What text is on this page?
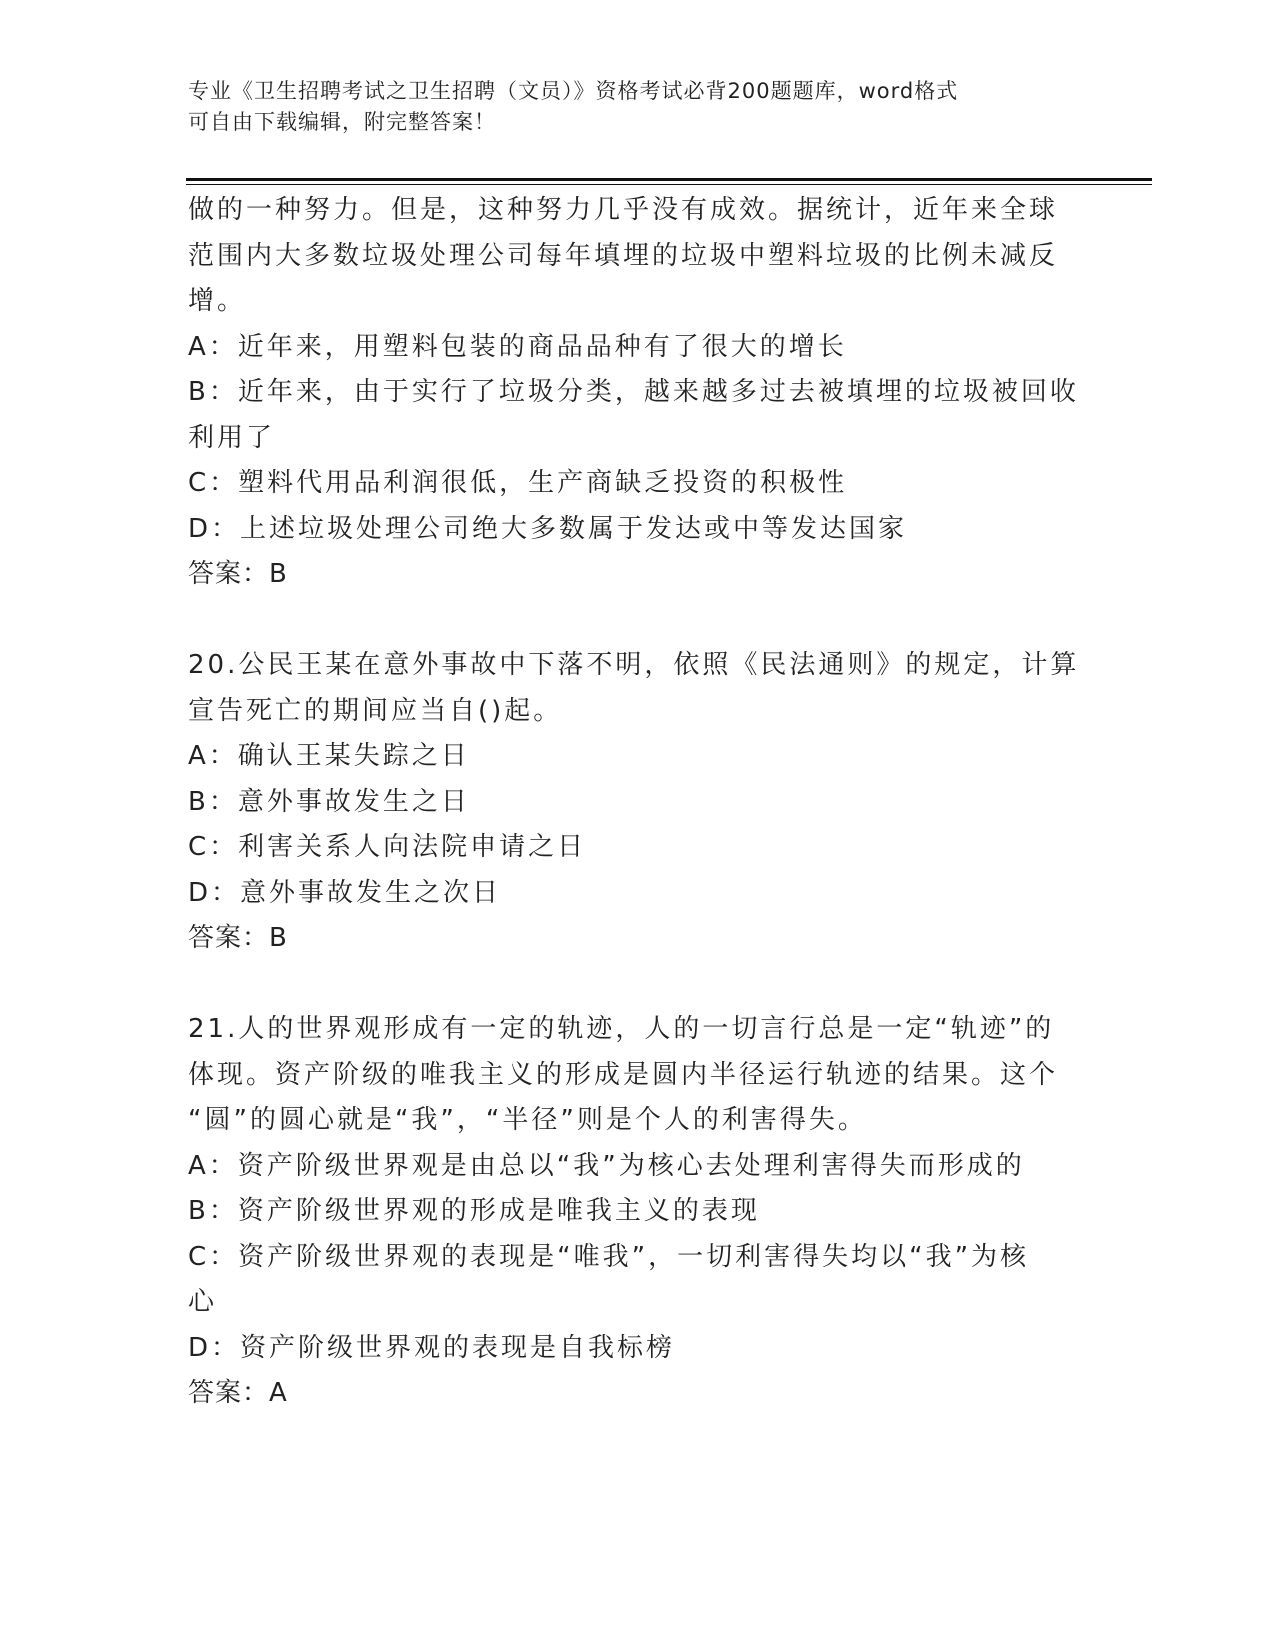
专业《卫生招聘考试之卫生招聘（文员）》资格考试必背200题题库，word格式
可自由下载编辑，附完整答案！
做的一种努力。但是，这种努力几乎没有成效。据统计，近年来全球
范围内大多数垃圾处理公司每年填埋的垃圾中塑料垃圾的比例未减反
增。
A：近年来，用塑料包装的商品品种有了很大的增长
B：近年来，由于实行了垃圾分类，越来越多过去被填埋的垃圾被回收
利用了
C：塑料代用品利润很低，生产商缺乏投资的积极性
D：上述垃圾处理公司绝大多数属于发达或中等发达国家
答案：B
20.公民王某在意外事故中下落不明，依照《民法通则》的规定，计算
宣告死亡的期间应当自()起。
A：确认王某失踪之日
B：意外事故发生之日
C：利害关系人向法院申请之日
D：意外事故发生之次日
答案：B
21.人的世界观形成有一定的轨迹，人的一切言行总是一定“轨迹”的
体现。资产阶级的唯我主义的形成是圆内半径运行轨迹的结果。这个
“圆”的圆心就是“我”，“半径”则是个人的利害得失。
A：资产阶级世界观是由总以“我”为核心去处理利害得失而形成的
B：资产阶级世界观的形成是唯我主义的表现
C：资产阶级世界观的表现是“唯我”，一切利害得失均以“我”为核
心
D：资产阶级世界观的表现是自我标榜
答案：A
